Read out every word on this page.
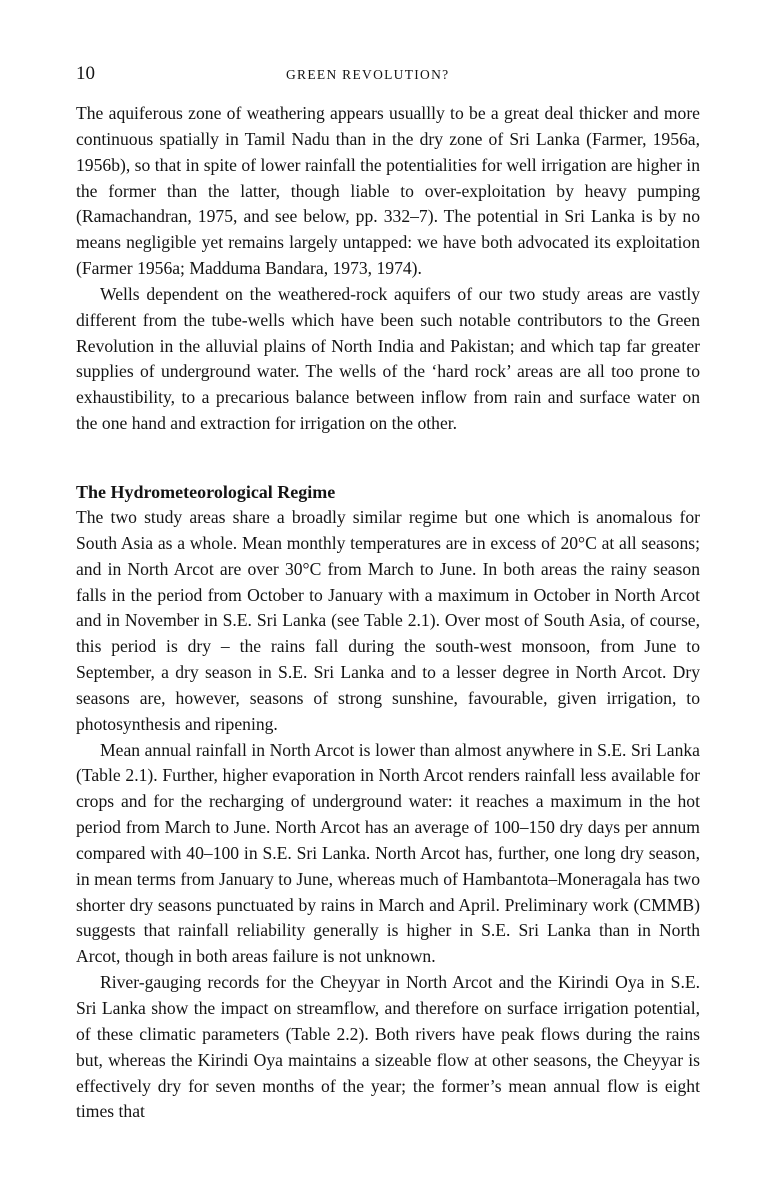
10	GREEN REVOLUTION?

The aquiferous zone of weathering appears usuallly to be a great deal thicker and more continuous spatially in Tamil Nadu than in the dry zone of Sri Lanka (Farmer, 1956a, 1956b), so that in spite of lower rainfall the potentialities for well irrigation are higher in the former than the latter, though liable to over-exploitation by heavy pumping (Ramachandran, 1975, and see below, pp. 332–7). The potential in Sri Lanka is by no means negligible yet remains largely untapped: we have both advocated its exploitation (Farmer 1956a; Madduma Bandara, 1973, 1974).

Wells dependent on the weathered-rock aquifers of our two study areas are vastly different from the tube-wells which have been such notable contributors to the Green Revolution in the alluvial plains of North India and Pakistan; and which tap far greater supplies of underground water. The wells of the ‘hard rock’ areas are all too prone to exhaustibility, to a precarious balance between inflow from rain and surface water on the one hand and extraction for irrigation on the other.

The Hydrometeorological Regime

The two study areas share a broadly similar regime but one which is anomalous for South Asia as a whole. Mean monthly temperatures are in excess of 20°C at all seasons; and in North Arcot are over 30°C from March to June. In both areas the rainy season falls in the period from October to January with a maximum in October in North Arcot and in November in S.E. Sri Lanka (see Table 2.1). Over most of South Asia, of course, this period is dry – the rains fall during the south-west monsoon, from June to September, a dry season in S.E. Sri Lanka and to a lesser degree in North Arcot. Dry seasons are, however, seasons of strong sunshine, favourable, given irrigation, to photosynthesis and ripening.

Mean annual rainfall in North Arcot is lower than almost anywhere in S.E. Sri Lanka (Table 2.1). Further, higher evaporation in North Arcot renders rainfall less available for crops and for the recharging of underground water: it reaches a maximum in the hot period from March to June. North Arcot has an average of 100–150 dry days per annum compared with 40–100 in S.E. Sri Lanka. North Arcot has, further, one long dry season, in mean terms from January to June, whereas much of Hambantota–Moneragala has two shorter dry seasons punctuated by rains in March and April. Preliminary work (CMMB) suggests that rainfall reliability generally is higher in S.E. Sri Lanka than in North Arcot, though in both areas failure is not unknown.

River-gauging records for the Cheyyar in North Arcot and the Kirindi Oya in S.E. Sri Lanka show the impact on streamflow, and therefore on surface irrigation potential, of these climatic parameters (Table 2.2). Both rivers have peak flows during the rains but, whereas the Kirindi Oya maintains a sizeable flow at other seasons, the Cheyyar is effectively dry for seven months of the year; the former’s mean annual flow is eight times that
